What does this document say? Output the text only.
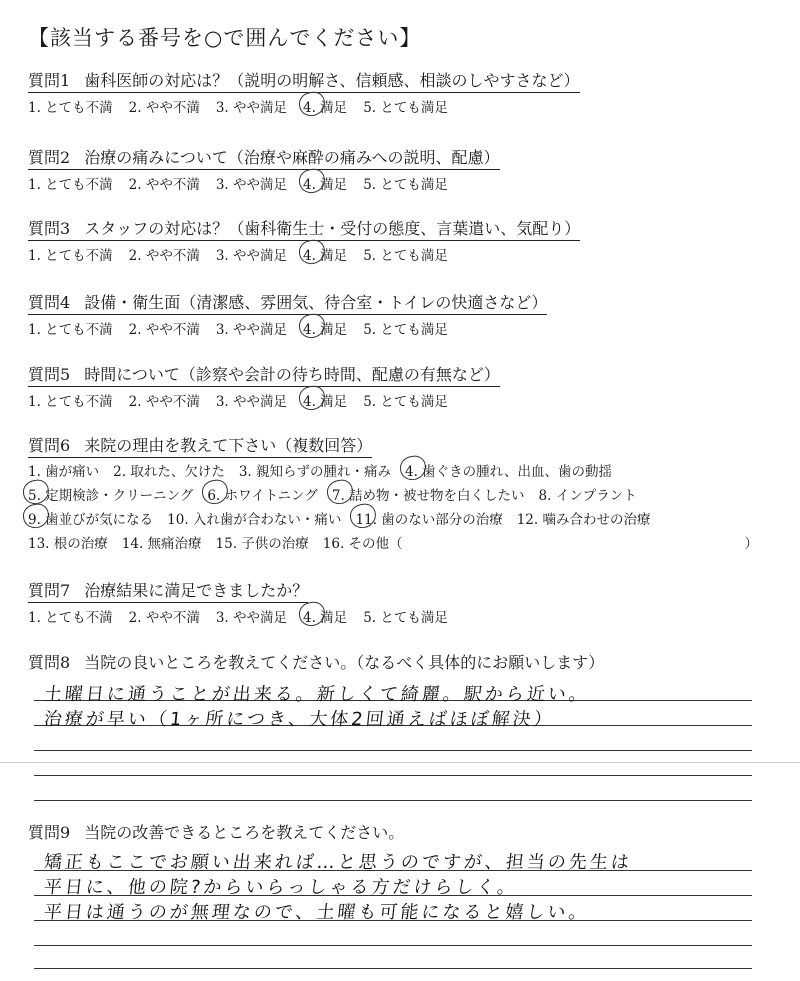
【該当する番号を○で囲んでください】
質問1 歯科医師の対応は？（説明の明解さ、信頼感、相談のしやすさなど）
1. とても不満 2. やや不満 3. やや満足 4. 満足 5. とても満足
質問2 治療の痛みについて（治療や麻酔の痛みへの説明、配慮）
1. とても不満 2. やや不満 3. やや満足 4. 満足 5. とても満足
質問3 スタッフの対応は？（歯科衛生士・受付の態度、言葉遣い、気配り）
1. とても不満 2. やや不満 3. やや満足 4. 満足 5. とても満足
質問4 設備・衛生面（清潔感、雰囲気、待合室・トイレの快適さなど）
1. とても不満 2. やや不満 3. やや満足 4. 満足 5. とても満足
質問5 時間について（診察や会計の待ち時間、配慮の有無など）
1. とても不満 2. やや不満 3. やや満足 4. 満足 5. とても満足
質問6 来院の理由を教えて下さい（複数回答）
1. 歯が痛い 2. 取れた、欠けた 3. 親知らずの腫れ・痛み 4. 歯ぐきの腫れ、出血、歯の動揺
5. 定期検診・クリーニング 6. ホワイトニング 7. 詰め物・被せ物を白くしたい 8. インプラント
9. 歯並びが気になる 10. 入れ歯が合わない・痛い 11. 歯のない部分の治療 12. 噛み合わせの治療
13. 根の治療 14. 無痛治療 15. 子供の治療 16. その他（	）
質問7 治療結果に満足できましたか？
1. とても不満 2. やや不満 3. やや満足 4. 満足 5. とても満足
質問8 当院の良いところを教えてください。（なるべく具体的にお願いします）
土曜日に通うことが出来る。新しくて綺麗。駅から近い。
治療が早い（1ヶ所につき、大体2回通えばほぼ解決）
質問9 当院の改善できるところを教えてください。
矯正もここでお願い出来れば…と思うのですが、担当の先生は
平日に、他の院?からいらっしゃる方だけらしく。
平日は通うのが無理なので、土曜も可能になると嬉しい。
